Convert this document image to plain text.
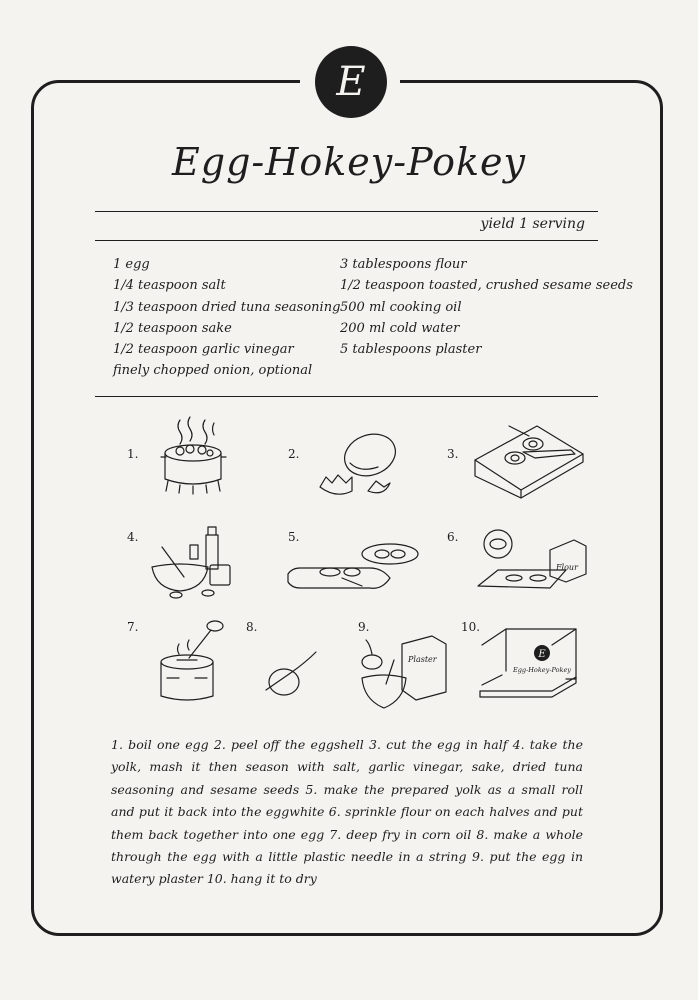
E
Egg-Hokey-Pokey
yield 1 serving
1 egg
1/4 teaspoon salt
1/3 teaspoon dried tuna seasoning
1/2 teaspoon sake
1/2 teaspoon garlic vinegar
finely chopped onion, optional
3 tablespoons flour
1/2 teaspoon toasted, crushed sesame seeds
500 ml cooking oil
200 ml cold water
5 tablespoons plaster
1.	2.	3.
4.	5.	6.
Flour
7.	8.	9.
Plaster
10.
E
Egg-Hokey-Pokey
1. boil one egg 2. peel off the eggshell 3. cut the egg in half 4. take the yolk, mash it then season with salt, garlic vinegar, sake, dried tuna seasoning and sesame seeds 5. make the prepared yolk as a small roll and put it back into the eggwhite 6. sprinkle flour on each halves and put them back together into one egg 7. deep fry in corn oil 8. make a whole through the egg with a little plastic needle in a string 9. put the egg in watery plaster 10. hang it to dry
